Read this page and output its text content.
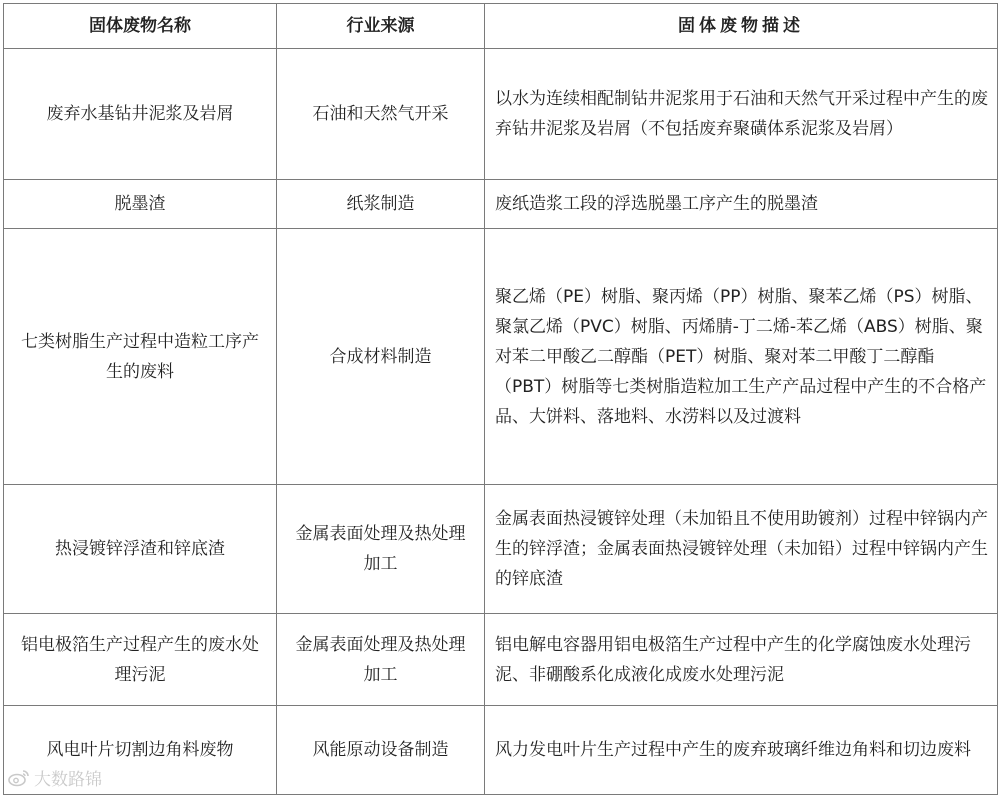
固体废物名称	行业来源	固体废物描述
废弃水基钻井泥浆及岩屑	石油和天然气开采	以水为连续相配制钻井泥浆用于石油和天然气开采过程中产生的废弃钻井泥浆及岩屑（不包括废弃聚磺体系泥浆及岩屑）
脱墨渣	纸浆制造	废纸造浆工段的浮选脱墨工序产生的脱墨渣
七类树脂生产过程中造粒工序产生的废料	合成材料制造	聚乙烯（PE）树脂、聚丙烯（PP）树脂、聚苯乙烯（PS）树脂、聚氯乙烯（PVC）树脂、丙烯腈-丁二烯-苯乙烯（ABS）树脂、聚对苯二甲酸乙二醇酯（PET）树脂、聚对苯二甲酸丁二醇酯（PBT）树脂等七类树脂造粒加工生产产品过程中产生的不合格产品、大饼料、落地料、水涝料以及过渡料
热浸镀锌浮渣和锌底渣	金属表面处理及热处理加工	金属表面热浸镀锌处理（未加铅且不使用助镀剂）过程中锌锅内产生的锌浮渣；金属表面热浸镀锌处理（未加铅）过程中锌锅内产生的锌底渣
铝电极箔生产过程产生的废水处理污泥	金属表面处理及热处理加工	铝电解电容器用铝电极箔生产过程中产生的化学腐蚀废水处理污泥、非硼酸系化成液化成废水处理污泥
风电叶片切割边角料废物	风能原动设备制造	风力发电叶片生产过程中产生的废弃玻璃纤维边角料和切边废料
大数路锦
